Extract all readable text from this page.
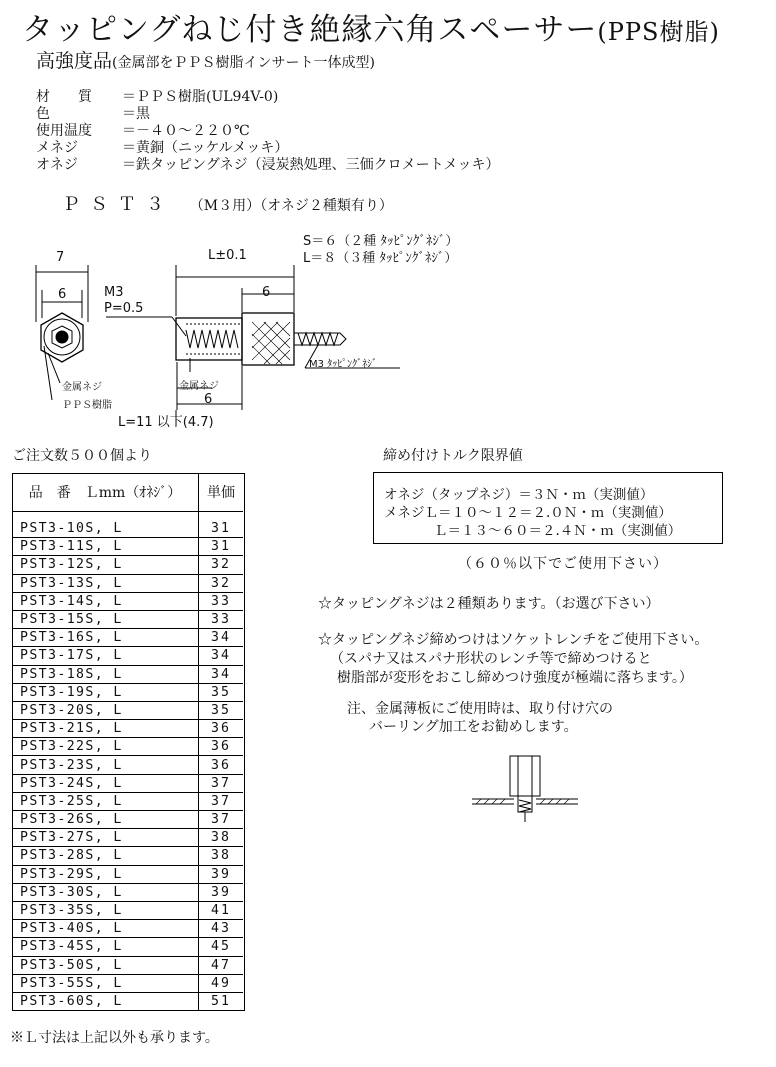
タッピングねじ付き絶縁六角スペーサー(PPS樹脂)
高強度品(金属部をＰＰＳ樹脂インサート一体成型)
材　　質 ＝ＰＰＳ樹脂(UL94V-0)
色	＝黒
使用温度 ＝－４０～２２０℃
メネジ	＝黄銅（ニッケルメッキ）
オネジ	＝鉄タッピングネジ（浸炭熱処理、三価クロメートメッキ）
ＰＳＴ３ （M３用）（オネジ２種類有り）
7
6	M3
P=0.5
L±0.1
S＝６（２種 ﾀｯﾋﾟﾝｸﾞﾈｼﾞ）
L＝８（３種 ﾀｯﾋﾟﾝｸﾞﾈｼﾞ）
6
金属ネジ
ＰＰＳ樹脂
金属ネジ
6
L=11 以下(4.7)
M3 ﾀｯﾋﾟﾝｸﾞﾈｼﾞ
ご注文数５００個より
品　番　Ｌmm（ｵﾈｼﾞ）	単価

PST3-10S, L	31
PST3-11S, L	31
PST3-12S, L	32
PST3-13S, L	32
PST3-14S, L	33
PST3-15S, L	33
PST3-16S, L	34
PST3-17S, L	34
PST3-18S, L	34
PST3-19S, L	35
PST3-20S, L	35
PST3-21S, L	36
PST3-22S, L	36
PST3-23S, L	36
PST3-24S, L	37
PST3-25S, L	37
PST3-26S, L	37
PST3-27S, L	38
PST3-28S, L	38
PST3-29S, L	39
PST3-30S, L	39
PST3-35S, L	41
PST3-40S, L	43
PST3-45S, L	45
PST3-50S, L	47
PST3-55S, L	49
PST3-60S, L	51
※Ｌ寸法は上記以外も承ります。
締め付けトルク限界値
オネジ（タップネジ）＝３Ｎ・ｍ（実測値）
メネジＬ＝１０～１２＝２.０Ｎ・ｍ（実測値）
Ｌ＝１３～６０＝２.４Ｎ・ｍ（実測値）
（６０％以下でご使用下さい）
☆タッピングネジは２種類あります。（お選び下さい）
☆タッピングネジ締めつけはソケットレンチをご使用下さい。
（スパナ又はスパナ形状のレンチ等で締めつけると
樹脂部が変形をおこし締めつけ強度が極端に落ちます。）
注、金属薄板にご使用時は、取り付け穴の
バーリング加工をお勧めします。
